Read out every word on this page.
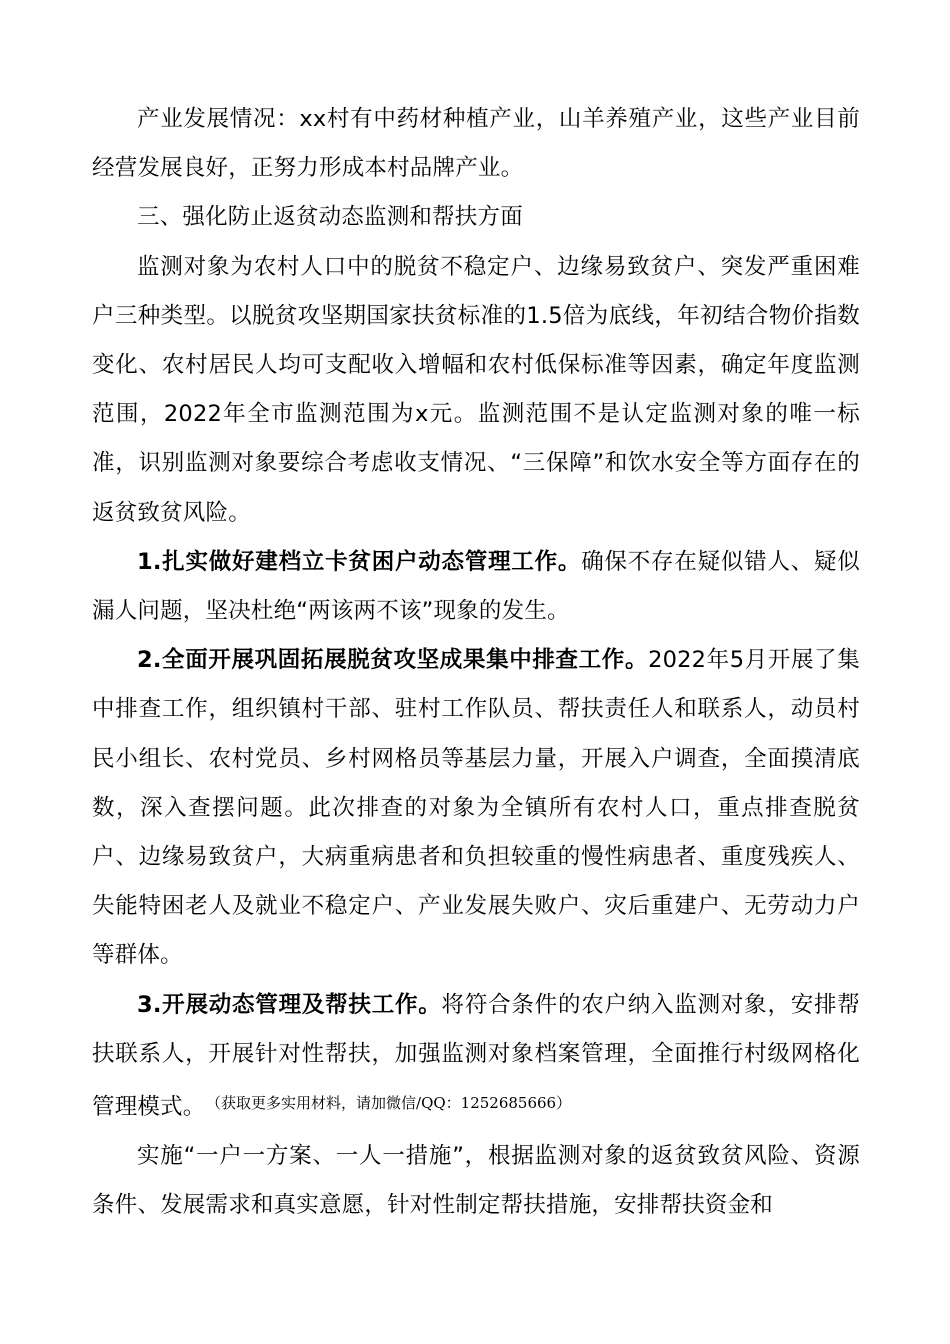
产业发展情况：xx村有中药材种植产业，山羊养殖产业，这些产业目前经营发展良好，正努力形成本村品牌产业。

三、强化防止返贫动态监测和帮扶方面

监测对象为农村人口中的脱贫不稳定户、边缘易致贫户、突发严重困难户三种类型。以脱贫攻坚期国家扶贫标准的1.5倍为底线，年初结合物价指数变化、农村居民人均可支配收入增幅和农村低保标准等因素，确定年度监测范围，2022年全市监测范围为x元。监测范围不是认定监测对象的唯一标准，识别监测对象要综合考虑收支情况、“三保障”和饮水安全等方面存在的返贫致贫风险。

1.扎实做好建档立卡贫困户动态管理工作。确保不存在疑似错人、疑似漏人问题，坚决杜绝“两该两不该”现象的发生。

2.全面开展巩固拓展脱贫攻坚成果集中排查工作。2022年5月开展了集中排查工作，组织镇村干部、驻村工作队员、帮扶责任人和联系人，动员村民小组长、农村党员、乡村网格员等基层力量，开展入户调查，全面摸清底数，深入查摆问题。此次排查的对象为全镇所有农村人口，重点排查脱贫户、边缘易致贫户，大病重病患者和负担较重的慢性病患者、重度残疾人、失能特困老人及就业不稳定户、产业发展失败户、灾后重建户、无劳动力户等群体。

3.开展动态管理及帮扶工作。将符合条件的农户纳入监测对象，安排帮扶联系人，开展针对性帮扶，加强监测对象档案管理，全面推行村级网格化管理模式。 $^{(获取更多实用材料,请加微信/QQ:1252685666)}$

实施“一户一方案、一人一措施”，根据监测对象的返贫致贫风险、资源条件、发展需求和真实意愿，针对性制定帮扶措施，安排帮扶资金和
